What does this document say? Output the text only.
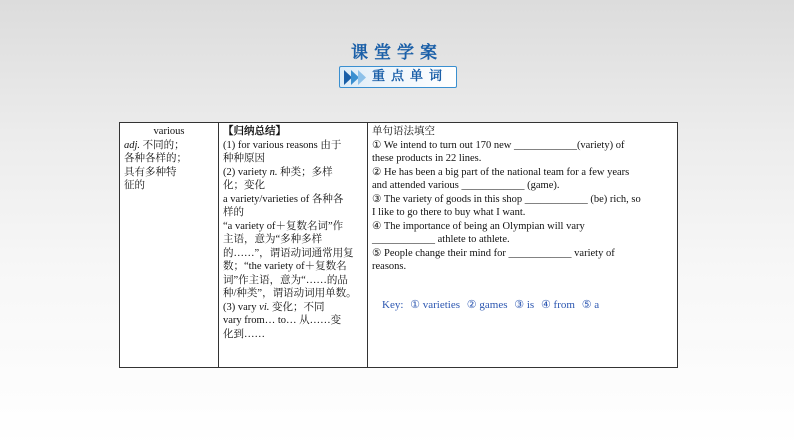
课堂学案
重点单词
various
adj. 不同的；
各种各样的；
具有多种特
征的

【归纳总结】
(1) for various reasons 由于
种种原因
(2) variety n. 种类；多样
化；变化
a variety/varieties of 各种各
样的
“a variety of＋复数名词”作
主语，意为“多种多样
的……”，谓语动词通常用复
数；“the variety of＋复数名
词”作主语，意为“……的品
种/种类”，谓语动词用单数。
(3) vary vi. 变化；不同
vary from… to… 从……变
化到……

单句语法填空
① We intend to turn out 170 new ____________(variety) of
these products in 22 lines.
② He has been a big part of the national team for a few years
and attended various ____________ (game).
③ The variety of goods in this shop ____________ (be) rich, so
I like to go there to buy what I want.
④ The importance of being an Olympian will vary
____________ athlete to athlete.
⑤ People change their mind for ____________ variety of
reasons.
Key: ① varieties ② games ③ is ④ from ⑤ a
